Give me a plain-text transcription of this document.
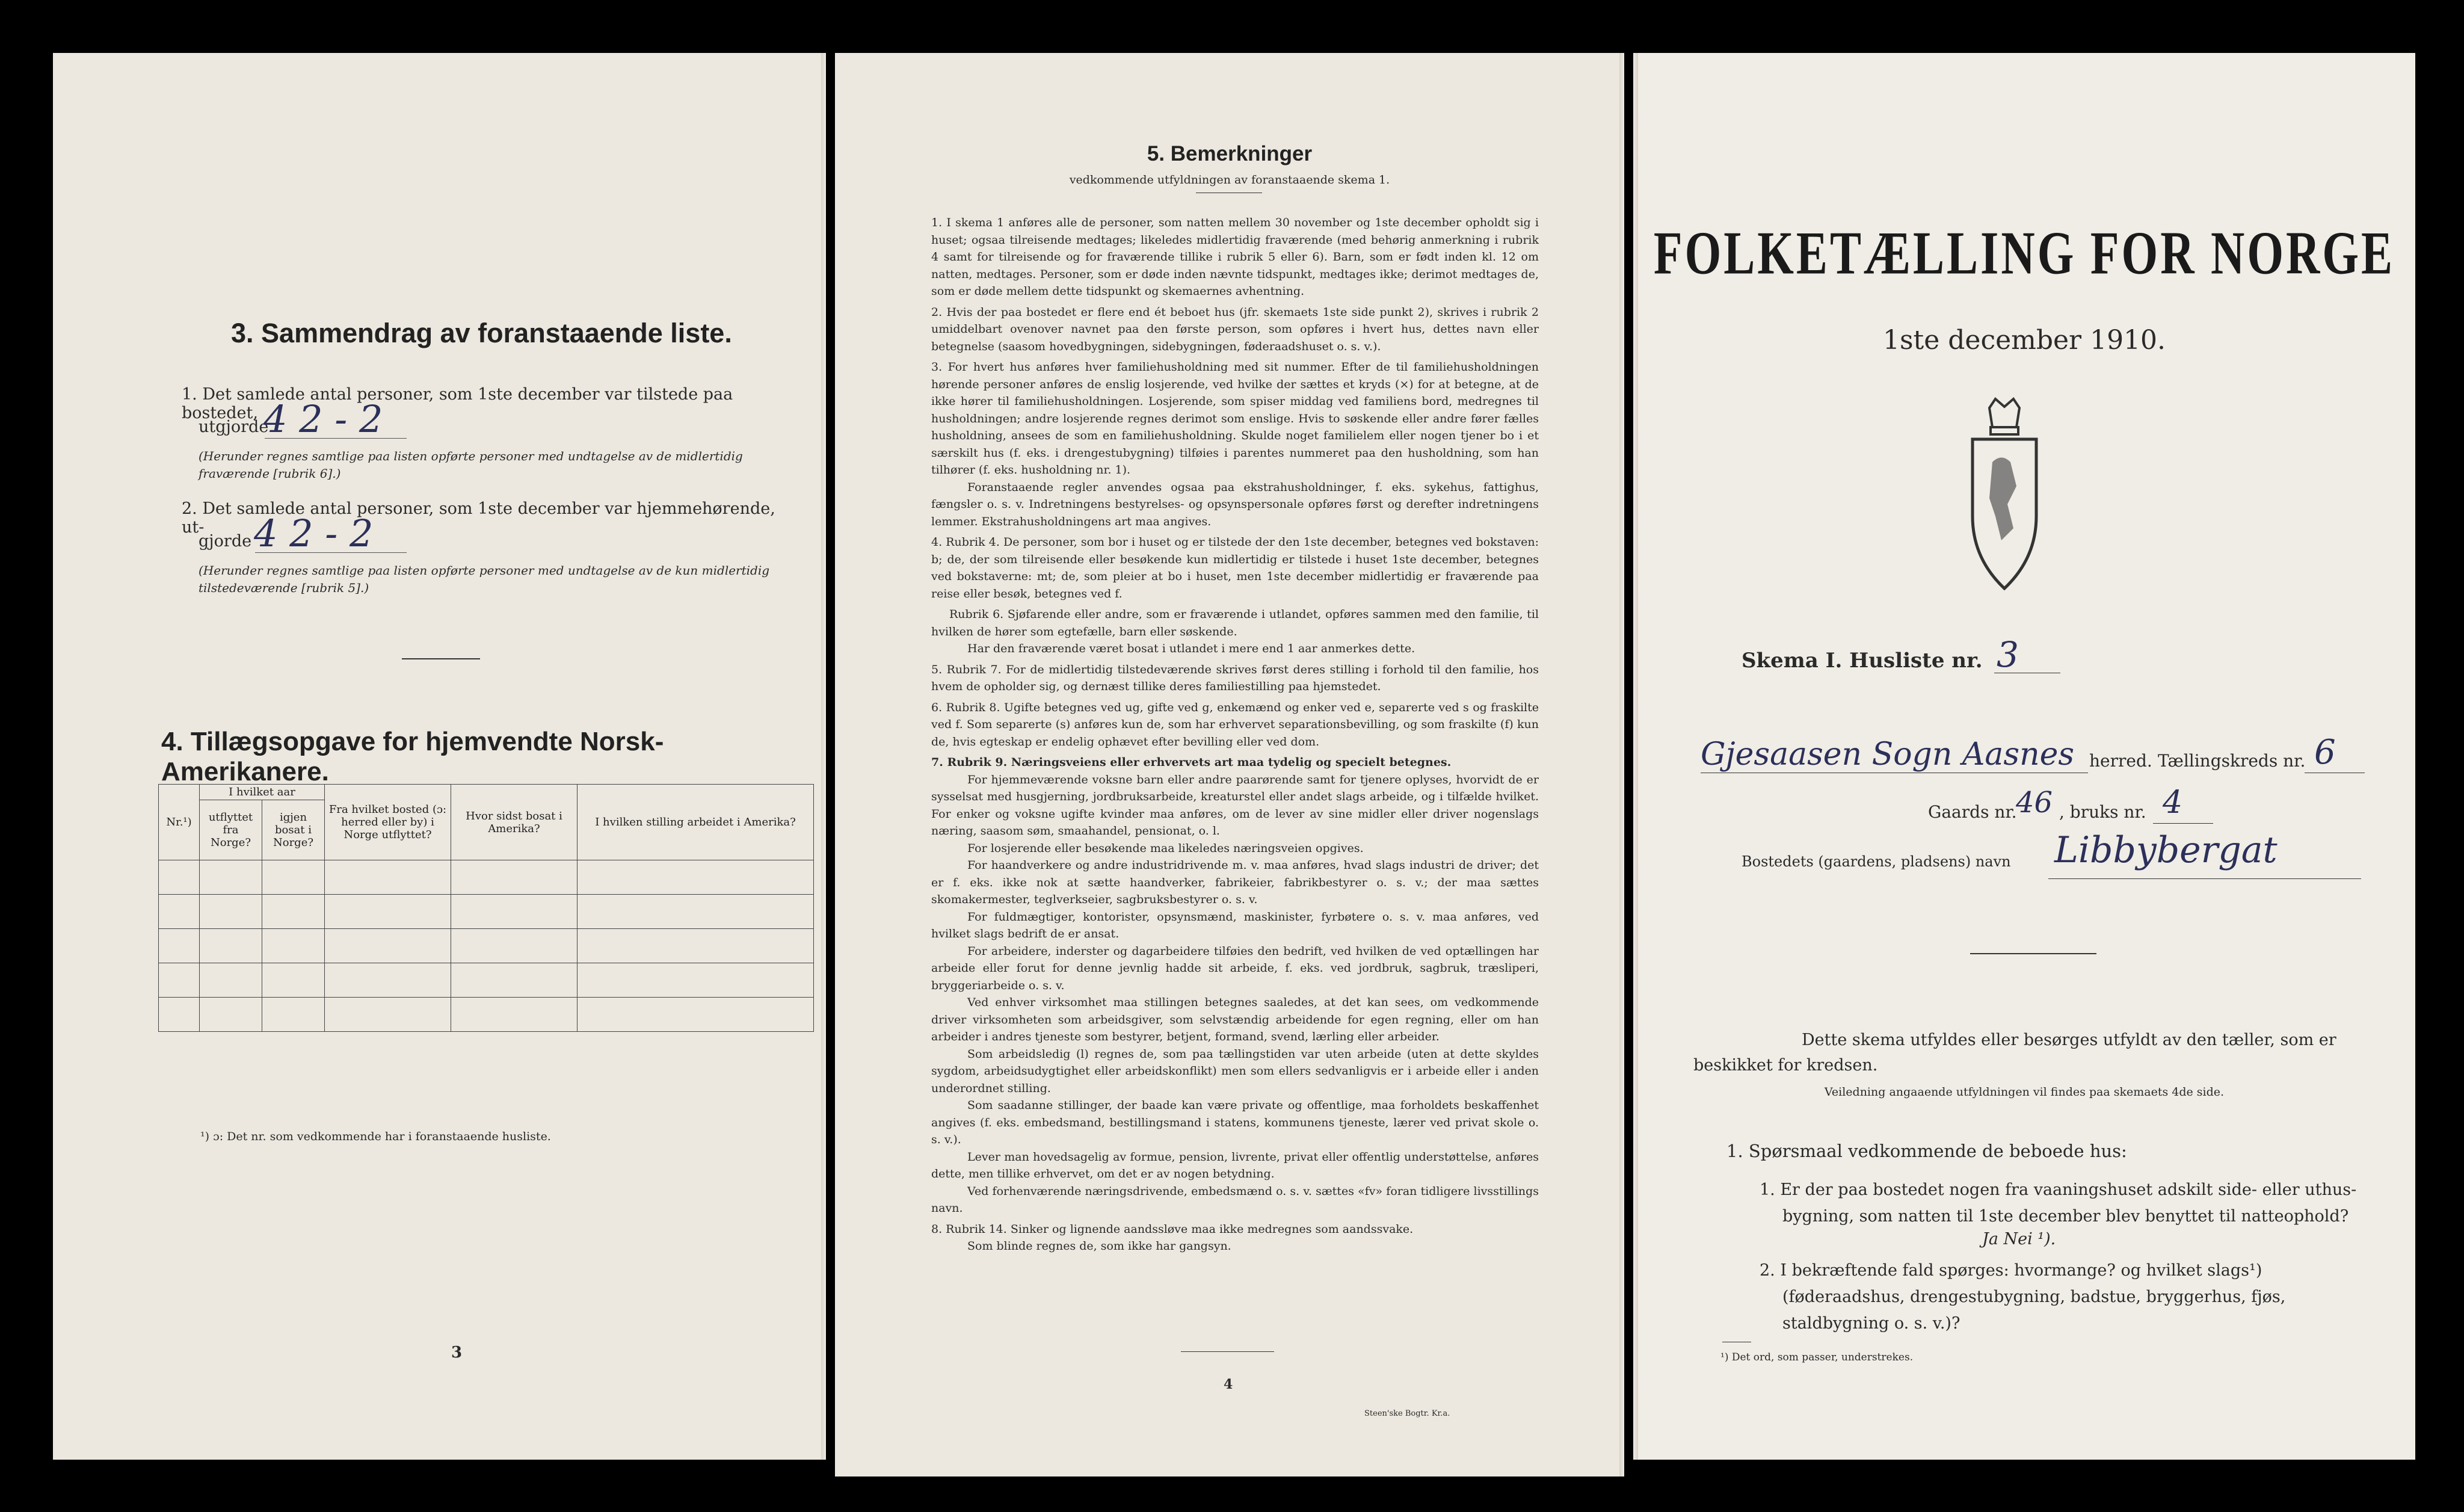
3. Sammendrag av foranstaaende liste.
1. Det samlede antal personer, som 1ste december var tilstede paa bostedet,
utgjorde
4 2 - 2
(Herunder regnes samtlige paa listen opførte personer med undtagelse av de midlertidig fraværende [rubrik 6].)
2. Det samlede antal personer, som 1ste december var hjemmehørende, ut-
gjorde 4 2 - 2
(Herunder regnes samtlige paa listen opførte personer med undtagelse av de kun midlertidig tilstedeværende [rubrik 5].)
4. Tillægsopgave for hjemvendte Norsk-Amerikanere.
Nr.¹)	I hvilket aar		Fra hvilket bosted (ɔ: herred eller by) i Norge utflyttet?	Hvor sidst bosat i Amerika?	I hvilken stilling arbeidet i Amerika?
	utflyttet fra Norge?	igjen bosat i Norge?			

¹) ɔ: Det nr. som vedkommende har i foranstaaende husliste.
3
5. Bemerkninger
vedkommende utfyldningen av foranstaaende skema 1.

1. I skema 1 anføres alle de personer, som natten mellem 30 november og 1ste december opholdt sig i huset; ogsaa tilreisende medtages; likeledes midlertidig fraværende (med behørig anmerkning i rubrik 4 samt for tilreisende og for fraværende tillike i rubrik 5 eller 6). Barn, som er født inden kl. 12 om natten, medtages. Personer, som er døde inden nævnte tidspunkt, medtages ikke; derimot medtages de, som er døde mellem dette tidspunkt og skemaernes avhentning.

2. Hvis der paa bostedet er flere end ét beboet hus (jfr. skemaets 1ste side punkt 2), skrives i rubrik 2 umiddelbart ovenover navnet paa den første person, som opføres i hvert hus, dettes navn eller betegnelse (saasom hovedbygningen, sidebygningen, føderaadshuset o. s. v.).

3. For hvert hus anføres hver familiehusholdning med sit nummer. Efter de til familiehusholdningen hørende personer anføres de enslig losjerende, ved hvilke der sættes et kryds (×) for at betegne, at de ikke hører til familiehusholdningen. Losjerende, som spiser middag ved familiens bord, medregnes til husholdningen; andre losjerende regnes derimot som enslige. Hvis to søskende eller andre fører fælles husholdning, ansees de som en familiehusholdning. Skulde noget familielem eller nogen tjener bo i et særskilt hus (f. eks. i drengestubygning) tilføies i parentes nummeret paa den husholdning, som han tilhører (f. eks. husholdning nr. 1).

Foranstaaende regler anvendes ogsaa paa ekstrahusholdninger, f. eks. sykehus, fattighus, fængsler o. s. v. Indretningens bestyrelses- og opsynspersonale opføres først og derefter indretningens lemmer. Ekstrahusholdningens art maa angives.

4. Rubrik 4. De personer, som bor i huset og er tilstede der den 1ste december, betegnes ved bokstaven: b; de, der som tilreisende eller besøkende kun midlertidig er tilstede i huset 1ste december, betegnes ved bokstaverne: mt; de, som pleier at bo i huset, men 1ste december midlertidig er fraværende paa reise eller besøk, betegnes ved f.

Rubrik 6. Sjøfarende eller andre, som er fraværende i utlandet, opføres sammen med den familie, til hvilken de hører som egtefælle, barn eller søskende.

Har den fraværende været bosat i utlandet i mere end 1 aar anmerkes dette.

5. Rubrik 7. For de midlertidig tilstedeværende skrives først deres stilling i forhold til den familie, hos hvem de opholder sig, og dernæst tillike deres familiestilling paa hjemstedet.

6. Rubrik 8. Ugifte betegnes ved ug, gifte ved g, enkemænd og enker ved e, separerte ved s og fraskilte ved f. Som separerte (s) anføres kun de, som har erhvervet separationsbevilling, og som fraskilte (f) kun de, hvis egteskap er endelig ophævet efter bevilling eller ved dom.

7. Rubrik 9. Næringsveiens eller erhvervets art maa tydelig og specielt betegnes.

For hjemmeværende voksne barn eller andre paarørende samt for tjenere oplyses, hvorvidt de er sysselsat med husgjerning, jordbruksarbeide, kreaturstel eller andet slags arbeide, og i tilfælde hvilket. For enker og voksne ugifte kvinder maa anføres, om de lever av sine midler eller driver nogenslags næring, saasom søm, smaahandel, pensionat, o. l.

For losjerende eller besøkende maa likeledes næringsveien opgives.

For haandverkere og andre industridrivende m. v. maa anføres, hvad slags industri de driver; det er f. eks. ikke nok at sætte haandverker, fabrikeier, fabrikbestyrer o. s. v.; der maa sættes skomakermester, teglverkseier, sagbruksbestyrer o. s. v.

For fuldmægtiger, kontorister, opsynsmænd, maskinister, fyrbøtere o. s. v. maa anføres, ved hvilket slags bedrift de er ansat.

For arbeidere, inderster og dagarbeidere tilføies den bedrift, ved hvilken de ved optællingen har arbeide eller forut for denne jevnlig hadde sit arbeide, f. eks. ved jordbruk, sagbruk, træsliperi, bryggeriarbeide o. s. v.

Ved enhver virksomhet maa stillingen betegnes saaledes, at det kan sees, om vedkommende driver virksomheten som arbeidsgiver, som selvstændig arbeidende for egen regning, eller om han arbeider i andres tjeneste som bestyrer, betjent, formand, svend, lærling eller arbeider.

Som arbeidsledig (l) regnes de, som paa tællingstiden var uten arbeide (uten at dette skyldes sygdom, arbeidsudygtighet eller arbeidskonflikt) men som ellers sedvanligvis er i arbeide eller i anden underordnet stilling.

Som saadanne stillinger, der baade kan være private og offentlige, maa forholdets beskaffenhet angives (f. eks. embedsmand, bestillingsmand i statens, kommunens tjeneste, lærer ved privat skole o. s. v.).

Lever man hovedsagelig av formue, pension, livrente, privat eller offentlig understøttelse, anføres dette, men tillike erhvervet, om det er av nogen betydning.

Ved forhenværende næringsdrivende, embedsmænd o. s. v. sættes «fv» foran tidligere livsstillings navn.

8. Rubrik 14. Sinker og lignende aandssløve maa ikke medregnes som aandssvake.

Som blinde regnes de, som ikke har gangsyn.

4
Steen'ske Bogtr. Kr.a.
FOLKETÆLLING FOR NORGE
1ste december 1910.
Skema I. Husliste nr. 3
Gjesaasen Sogn Aasnes herred. Tællingskreds nr. 6
Gaards nr.
46 , bruks nr. 4
Bostedets (gaardens, pladsens) navn Libbybergat
Dette skema utfyldes eller besørges utfyldt av den tæller, som er beskikket for kredsen.
Veiledning angaaende utfyldningen vil findes paa skemaets 4de side.
1. Spørsmaal vedkommende de beboede hus:
1. Er der paa bostedet nogen fra vaaningshuset adskilt side- eller uthus-bygning, som natten til 1ste december blev benyttet til natteophold?
Ja Nei ¹).
2. I bekræftende fald spørges: hvormange? og hvilket slags¹) (føderaadshus, drengestubygning, badstue, bryggerhus, fjøs, staldbygning o. s. v.)?
¹) Det ord, som passer, understrekes.
